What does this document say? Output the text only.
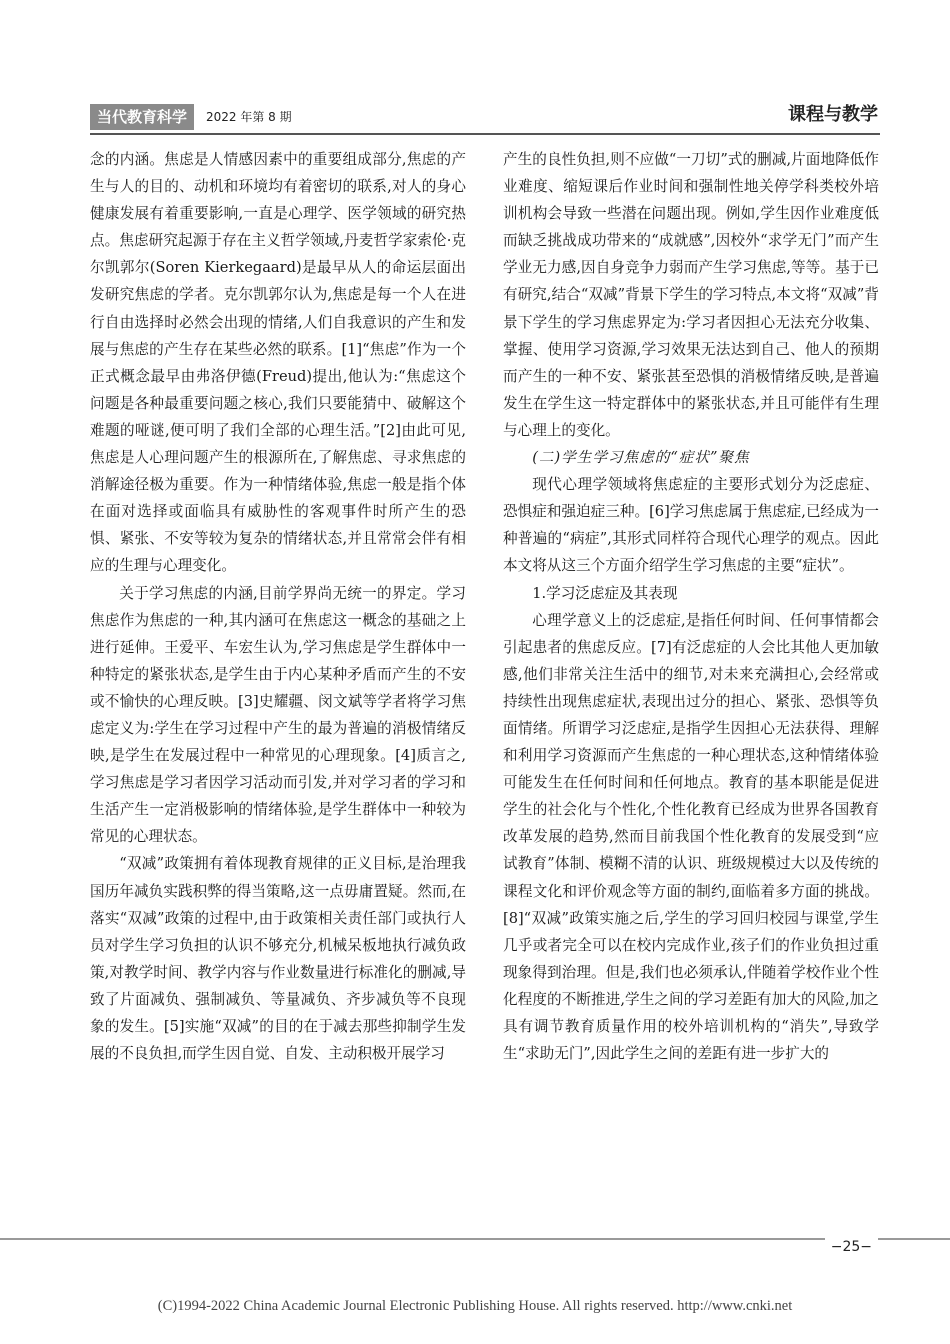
当代教育科学	2022 年第 8 期	课程与教学

念的内涵。焦虑是人情感因素中的重要组成部分,焦虑的产生与人的目的、动机和环境均有着密切的联系,对人的身心健康发展有着重要影响,一直是心理学、医学领域的研究热点。焦虑研究起源于存在主义哲学领域,丹麦哲学家索伦·克尔凯郭尔(Soren Kierkegaard)是最早从人的命运层面出发研究焦虑的学者。克尔凯郭尔认为,焦虑是每一个人在进行自由选择时必然会出现的情绪,人们自我意识的产生和发展与焦虑的产生存在某些必然的联系。[1]“焦虑”作为一个正式概念最早由弗洛伊德(Freud)提出,他认为:“焦虑这个问题是各种最重要问题之核心,我们只要能猜中、破解这个难题的哑谜,便可明了我们全部的心理生活。”[2]由此可见,焦虑是人心理问题产生的根源所在,了解焦虑、寻求焦虑的消解途径极为重要。作为一种情绪体验,焦虑一般是指个体在面对选择或面临具有威胁性的客观事件时所产生的恐惧、紧张、不安等较为复杂的情绪状态,并且常常会伴有相应的生理与心理变化。

关于学习焦虑的内涵,目前学界尚无统一的界定。学习焦虑作为焦虑的一种,其内涵可在焦虑这一概念的基础之上进行延伸。王爱平、车宏生认为,学习焦虑是学生群体中一种特定的紧张状态,是学生由于内心某种矛盾而产生的不安或不愉快的心理反映。[3]史耀疆、闵文斌等学者将学习焦虑定义为:学生在学习过程中产生的最为普遍的消极情绪反映,是学生在发展过程中一种常见的心理现象。[4]质言之,学习焦虑是学习者因学习活动而引发,并对学习者的学习和生活产生一定消极影响的情绪体验,是学生群体中一种较为常见的心理状态。

“双减”政策拥有着体现教育规律的正义目标,是治理我国历年减负实践积弊的得当策略,这一点毋庸置疑。然而,在落实“双减”政策的过程中,由于政策相关责任部门或执行人员对学生学习负担的认识不够充分,机械呆板地执行减负政策,对教学时间、教学内容与作业数量进行标准化的删减,导致了片面减负、强制减负、等量减负、齐步减负等不良现象的发生。[5]实施“双减”的目的在于减去那些抑制学生发展的不良负担,而学生因自觉、自发、主动积极开展学习

产生的良性负担,则不应做“一刀切”式的删减,片面地降低作业难度、缩短课后作业时间和强制性地关停学科类校外培训机构会导致一些潜在问题出现。例如,学生因作业难度低而缺乏挑战成功带来的“成就感”,因校外“求学无门”而产生学业无力感,因自身竞争力弱而产生学习焦虑,等等。基于已有研究,结合“双减”背景下学生的学习特点,本文将“双减”背景下学生的学习焦虑界定为:学习者因担心无法充分收集、掌握、使用学习资源,学习效果无法达到自己、他人的预期而产生的一种不安、紧张甚至恐惧的消极情绪反映,是普遍发生在学生这一特定群体中的紧张状态,并且可能伴有生理与心理上的变化。

(二)学生学习焦虑的“症状”聚焦

现代心理学领域将焦虑症的主要形式划分为泛虑症、恐惧症和强迫症三种。[6]学习焦虑属于焦虑症,已经成为一种普遍的“病症”,其形式同样符合现代心理学的观点。因此本文将从这三个方面介绍学生学习焦虑的主要“症状”。

1.学习泛虑症及其表现

心理学意义上的泛虑症,是指任何时间、任何事情都会引起患者的焦虑反应。[7]有泛虑症的人会比其他人更加敏感,他们非常关注生活中的细节,对未来充满担心,会经常或持续性出现焦虑症状,表现出过分的担心、紧张、恐惧等负面情绪。所谓学习泛虑症,是指学生因担心无法获得、理解和利用学习资源而产生焦虑的一种心理状态,这种情绪体验可能发生在任何时间和任何地点。教育的基本职能是促进学生的社会化与个性化,个性化教育已经成为世界各国教育改革发展的趋势,然而目前我国个性化教育的发展受到“应试教育”体制、模糊不清的认识、班级规模过大以及传统的课程文化和评价观念等方面的制约,面临着多方面的挑战。[8]“双减”政策实施之后,学生的学习回归校园与课堂,学生几乎或者完全可以在校内完成作业,孩子们的作业负担过重现象得到治理。但是,我们也必须承认,伴随着学校作业个性化程度的不断推进,学生之间的学习差距有加大的风险,加之具有调节教育质量作用的校外培训机构的“消失”,导致学生“求助无门”,因此学生之间的差距有进一步扩大的

−25−
(C)1994-2022 China Academic Journal Electronic Publishing House. All rights reserved. http://www.cnki.net
